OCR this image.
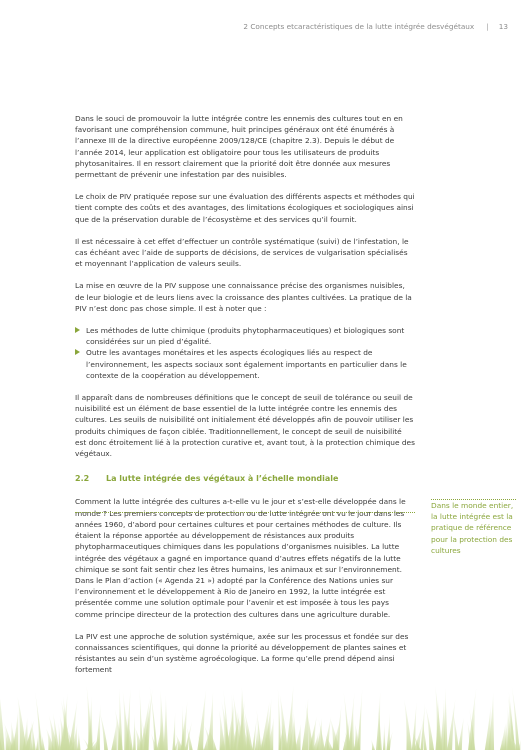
2 Concepts etcaractéristiques de la lutte intégrée desvégétaux | 13

Dans le souci de promouvoir la lutte intégrée contre les ennemis des cultures tout en en favorisant une compréhension commune, huit principes généraux ont été énumérés à l’annexe III de la directive européenne 2009/128/CE (chapitre 2.3). Depuis le début de l’année 2014, leur application est obligatoire pour tous les utilisateurs de produits phytosanitaires. Il en ressort clairement que la priorité doit être donnée aux mesures permettant de prévenir une infestation par des nuisibles.

Le choix de PIV pratiquée repose sur une évaluation des différents aspects et méthodes qui tient compte des coûts et des avantages, des limitations écologiques et sociologiques ainsi que de la préservation durable de l’écosystème et des services qu’il fournit.

Il est nécessaire à cet effet d’effectuer un contrôle systématique (suivi) de l’infestation, le cas échéant avec l’aide de supports de décisions, de services de vulgarisation spécialisés et moyennant l’application de valeurs seuils.

La mise en œuvre de la PIV suppose une connaissance précise des organismes nuisibles, de leur biologie et de leurs liens avec la croissance des plantes cultivées. La pratique de la PIV n’est donc pas chose simple. Il est à noter que :

Les méthodes de lutte chimique (produits phytopharmaceutiques) et biologiques sont considérées sur un pied d’égalité.
Outre les avantages monétaires et les aspects écologiques liés au respect de l’environnement, les aspects sociaux sont également importants en particulier dans le contexte de la coopération au développement.

Il apparaît dans de nombreuses définitions que le concept de seuil de tolérance ou seuil de nuisibilité est un élément de base essentiel de la lutte intégrée contre les ennemis des cultures. Les seuils de nuisibilité ont initialement été développés afin de pouvoir utiliser les produits chimiques de façon ciblée. Traditionnellement, le concept de seuil de nuisibilité est donc étroitement lié à la protection curative et, avant tout, à la protection chimique des végétaux.

2.2	La lutte intégrée des végétaux à l’échelle mondiale

Comment la lutte intégrée des cultures a-t-elle vu le jour et s’est-elle développée dans le monde ? Les premiers concepts de protection ou de lutte intégrée ont vu le jour dans les années 1960, d’abord pour certaines cultures et pour certaines méthodes de culture. Ils étaient la réponse apportée au développement de résistances aux produits phytopharmaceutiques chimiques dans les populations d’organismes nuisibles. La lutte intégrée des végétaux a gagné en importance quand d’autres effets négatifs de la lutte chimique se sont fait sentir chez les êtres humains, les animaux et sur l’environnement. Dans le Plan d’action (« Agenda 21 ») adopté par la Conférence des Nations unies sur l’environnement et le développement à Rio de Janeiro en 1992, la lutte intégrée est présentée comme une solution optimale pour l’avenir et est imposée à tous les pays comme principe directeur de la protection des cultures dans une agriculture durable.

La PIV est une approche de solution systémique, axée sur les processus et fondée sur des connaissances scientifiques, qui donne la priorité au développement de plantes saines et résistantes au sein d’un système agroécologique. La forme qu’elle prend dépend ainsi fortement

Dans le monde entier, la lutte intégrée est la pratique de référence pour la protection des cultures
